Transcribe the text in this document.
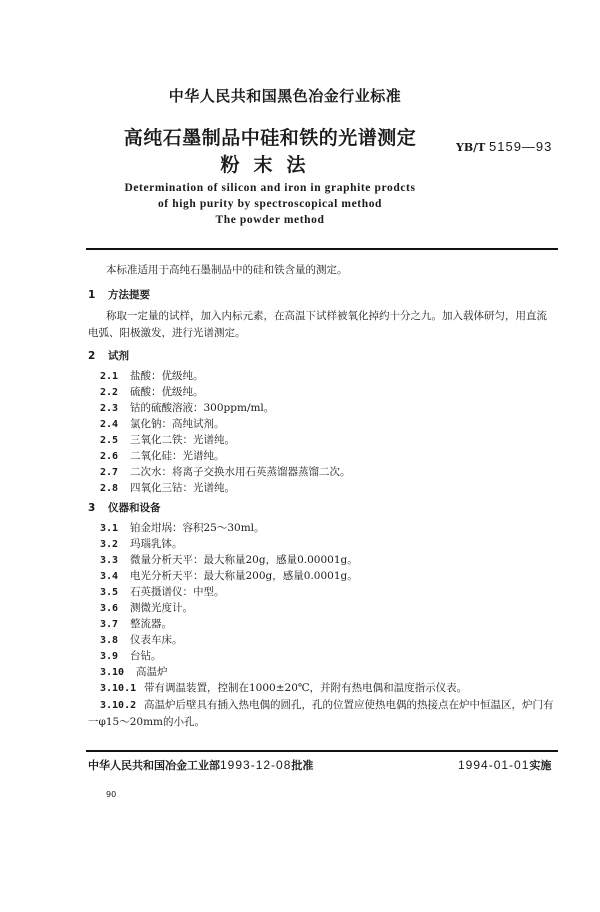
中华人民共和国黑色冶金行业标准
高纯石墨制品中硅和铁的光谱测定
粉末法
YB/T 5159—93
Determination of silicon and iron in graphite prodcts
of high purity by spectroscopical method
The powder method
本标准适用于高纯石墨制品中的硅和铁含量的测定。
1 方法提要
称取一定量的试样，加入内标元素，在高温下试样被氧化掉约十分之九。加入载体研匀，用直流
电弧、阳极激发，进行光谱测定。
2 试剂
2.1 盐酸：优级纯。
2.2 硫酸：优级纯。
2.3 钴的硫酸溶液：300ppm/ml。
2.4 氯化钠：高纯试剂。
2.5 三氧化二铁：光谱纯。
2.6 二氧化硅：光谱纯。
2.7 二次水：将离子交换水用石英蒸馏器蒸馏二次。
2.8 四氧化三钴：光谱纯。
3 仪器和设备
3.1 铂金坩埚：容积25～30ml。
3.2 玛瑙乳钵。
3.3 微量分析天平：最大称量20g，感量0.00001g。
3.4 电光分析天平：最大称量200g，感量0.0001g。
3.5 石英摄谱仪：中型。
3.6 测微光度计。
3.7 整流器。
3.8 仪表车床。
3.9 台钻。
3.10 高温炉
3.10.1 带有调温装置，控制在1000±20℃，并附有热电偶和温度指示仪表。
3.10.2 高温炉后壁具有插入热电偶的圆孔，孔的位置应使热电偶的热接点在炉中恒温区，炉门有
一φ15～20mm的小孔。
中华人民共和国冶金工业部1993-12-08批准	1994-01-01实施
90
